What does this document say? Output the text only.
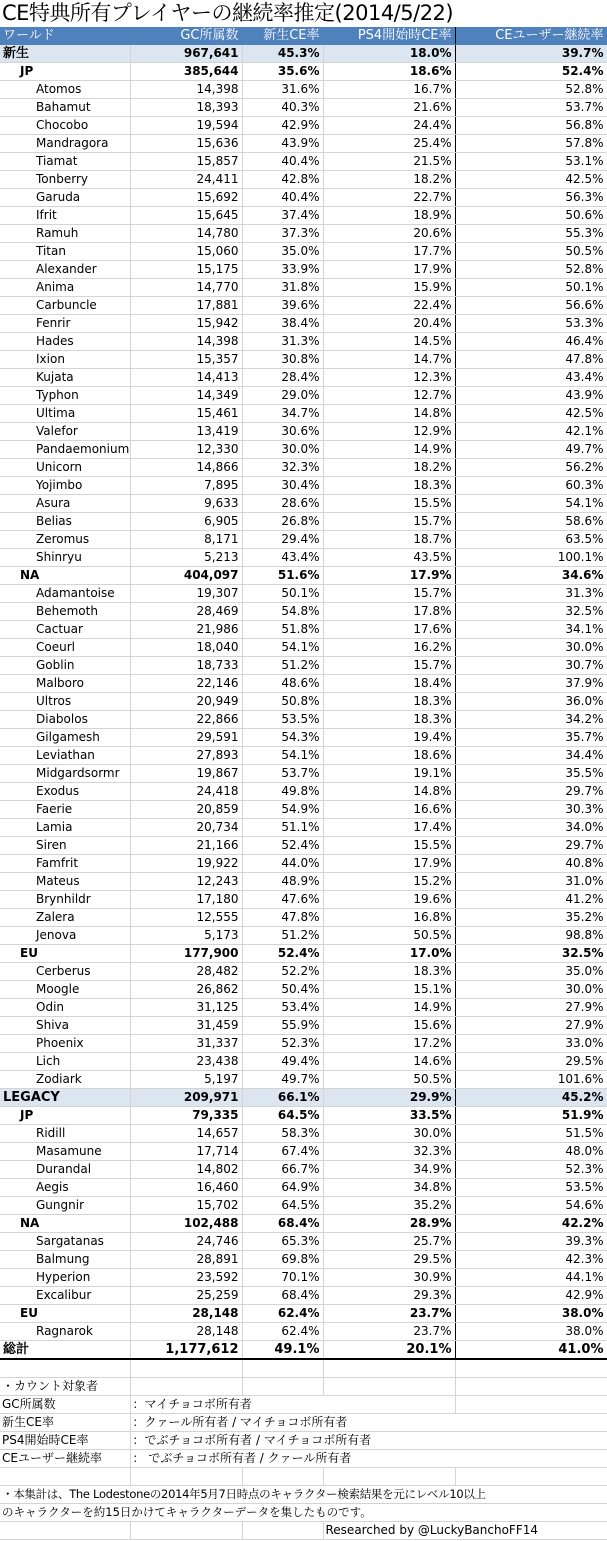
CE特典所有プレイヤーの継続率推定(2014/5/22)
ワールド	GC所属数	新生CE率	PS4開始時CE率	CEユーザー継続率
新生	967,641	45.3%	18.0%	39.7%
JP	385,644	35.6%	18.6%	52.4%
Atomos	14,398	31.6%	16.7%	52.8%
Bahamut	18,393	40.3%	21.6%	53.7%
Chocobo	19,594	42.9%	24.4%	56.8%
Mandragora	15,636	43.9%	25.4%	57.8%
Tiamat	15,857	40.4%	21.5%	53.1%
Tonberry	24,411	42.8%	18.2%	42.5%
Garuda	15,692	40.4%	22.7%	56.3%
Ifrit	15,645	37.4%	18.9%	50.6%
Ramuh	14,780	37.3%	20.6%	55.3%
Titan	15,060	35.0%	17.7%	50.5%
Alexander	15,175	33.9%	17.9%	52.8%
Anima	14,770	31.8%	15.9%	50.1%
Carbuncle	17,881	39.6%	22.4%	56.6%
Fenrir	15,942	38.4%	20.4%	53.3%
Hades	14,398	31.3%	14.5%	46.4%
Ixion	15,357	30.8%	14.7%	47.8%
Kujata	14,413	28.4%	12.3%	43.4%
Typhon	14,349	29.0%	12.7%	43.9%
Ultima	15,461	34.7%	14.8%	42.5%
Valefor	13,419	30.6%	12.9%	42.1%
Pandaemonium	12,330	30.0%	14.9%	49.7%
Unicorn	14,866	32.3%	18.2%	56.2%
Yojimbo	7,895	30.4%	18.3%	60.3%
Asura	9,633	28.6%	15.5%	54.1%
Belias	6,905	26.8%	15.7%	58.6%
Zeromus	8,171	29.4%	18.7%	63.5%
Shinryu	5,213	43.4%	43.5%	100.1%
NA	404,097	51.6%	17.9%	34.6%
Adamantoise	19,307	50.1%	15.7%	31.3%
Behemoth	28,469	54.8%	17.8%	32.5%
Cactuar	21,986	51.8%	17.6%	34.1%
Coeurl	18,040	54.1%	16.2%	30.0%
Goblin	18,733	51.2%	15.7%	30.7%
Malboro	22,146	48.6%	18.4%	37.9%
Ultros	20,949	50.8%	18.3%	36.0%
Diabolos	22,866	53.5%	18.3%	34.2%
Gilgamesh	29,591	54.3%	19.4%	35.7%
Leviathan	27,893	54.1%	18.6%	34.4%
Midgardsormr	19,867	53.7%	19.1%	35.5%
Exodus	24,418	49.8%	14.8%	29.7%
Faerie	20,859	54.9%	16.6%	30.3%
Lamia	20,734	51.1%	17.4%	34.0%
Siren	21,166	52.4%	15.5%	29.7%
Famfrit	19,922	44.0%	17.9%	40.8%
Mateus	12,243	48.9%	15.2%	31.0%
Brynhildr	17,180	47.6%	19.6%	41.2%
Zalera	12,555	47.8%	16.8%	35.2%
Jenova	5,173	51.2%	50.5%	98.8%
EU	177,900	52.4%	17.0%	32.5%
Cerberus	28,482	52.2%	18.3%	35.0%
Moogle	26,862	50.4%	15.1%	30.0%
Odin	31,125	53.4%	14.9%	27.9%
Shiva	31,459	55.9%	15.6%	27.9%
Phoenix	31,337	52.3%	17.2%	33.0%
Lich	23,438	49.4%	14.6%	29.5%
Zodiark	5,197	49.7%	50.5%	101.6%
LEGACY	209,971	66.1%	29.9%	45.2%
JP	79,335	64.5%	33.5%	51.9%
Ridill	14,657	58.3%	30.0%	51.5%
Masamune	17,714	67.4%	32.3%	48.0%
Durandal	14,802	66.7%	34.9%	52.3%
Aegis	16,460	64.9%	34.8%	53.5%
Gungnir	15,702	64.5%	35.2%	54.6%
NA	102,488	68.4%	28.9%	42.2%
Sargatanas	24,746	65.3%	25.7%	39.3%
Balmung	28,891	69.8%	29.5%	42.3%
Hyperion	23,592	70.1%	30.9%	44.1%
Excalibur	25,259	68.4%	29.3%	42.9%
EU	28,148	62.4%	23.7%	38.0%
Ragnarok	28,148	62.4%	23.7%	38.0%
総計	1,177,612	49.1%	20.1%	41.0%

・カウント対象者				
GC所属数	：マイチョコボ所有者			
新生CE率	：クァール所有者 / マイチョコボ所有者			
PS4開始時CE率	：でぶチョコボ所有者 / マイチョコボ所有者			
CEユーザー継続率	： でぶチョコボ所有者 / クァール所有者			

・本集計は、The Lodestoneの2014年5月7日時点のキャラクター検索結果を元にレベル10以上				
のキャラクターを約15日かけてキャラクターデータを集したものです。				
			Researched by @LuckyBanchoFF14	
